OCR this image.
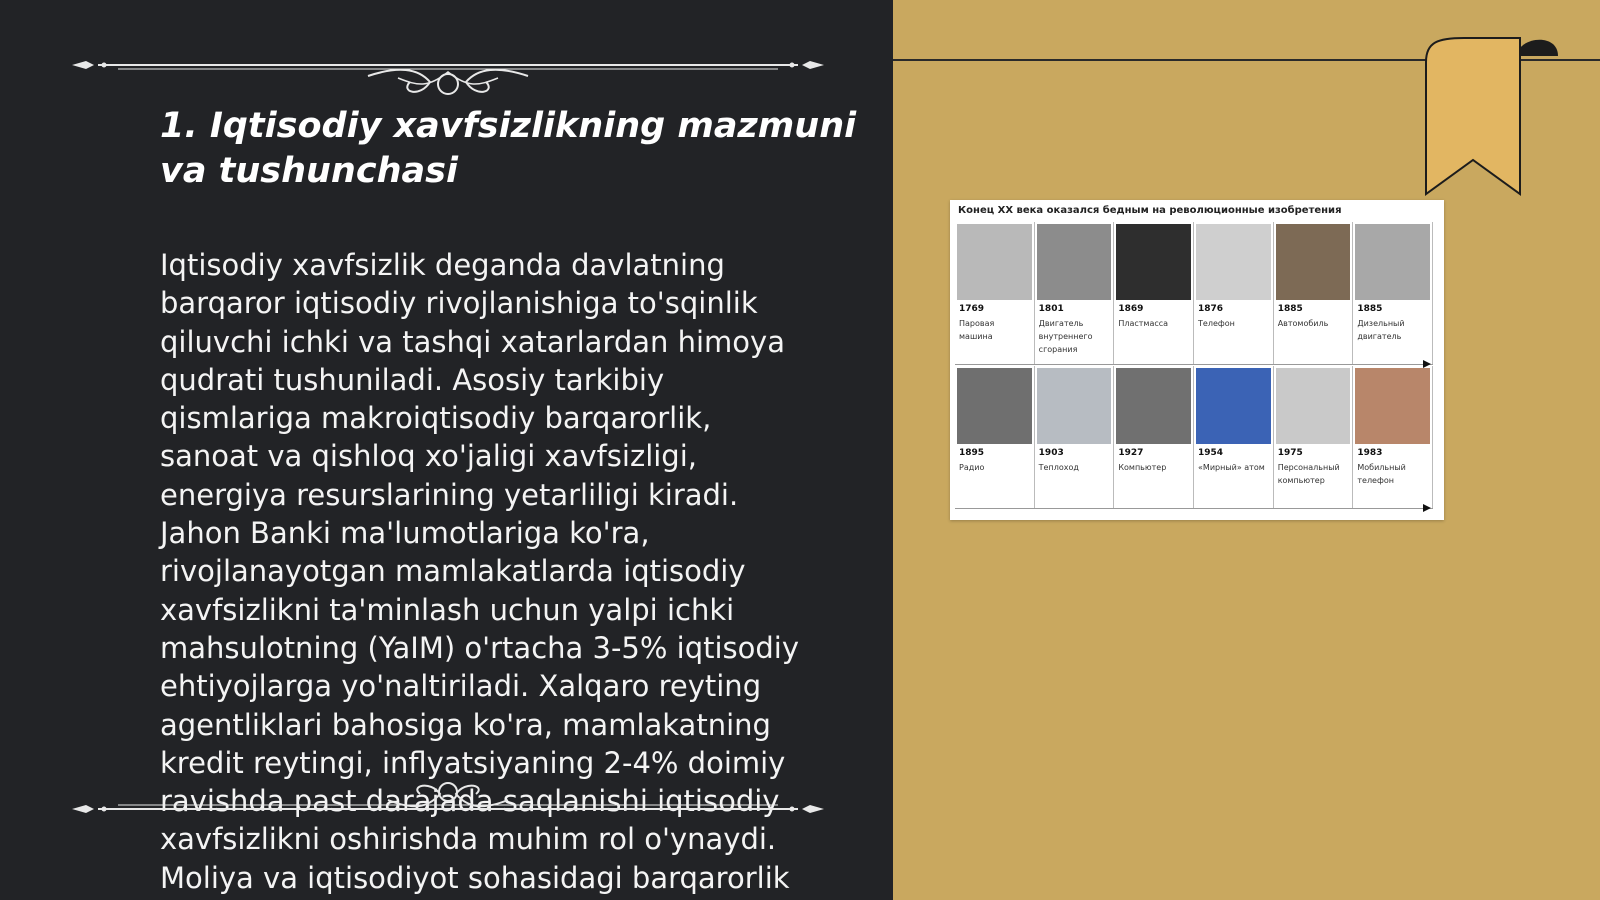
1. Iqtisodiy xavfsizlikning mazmuni va tushunchasi

Iqtisodiy xavfsizlik deganda davlatning
barqaror iqtisodiy rivojlanishiga to'sqinlik
qiluvchi ichki va tashqi xatarlardan himoya
qudrati tushuniladi. Asosiy tarkibiy
qismlariga makroiqtisodiy barqarorlik,
sanoat va qishloq xo'jaligi xavfsizligi,
energiya resurslarining yetarliligi kiradi.
Jahon Banki ma'lumotlariga ko'ra,
rivojlanayotgan mamlakatlarda iqtisodiy
xavfsizlikni ta'minlash uchun yalpi ichki
mahsulotning (YaIM) o'rtacha 3-5% iqtisodiy
ehtiyojlarga yo'naltiriladi. Xalqaro reyting
agentliklari bahosiga ko'ra, mamlakatning
kredit reytingi, inflyatsiyaning 2-4% doimiy
ravishda past darajada saqlanishi iqtisodiy
xavfsizlikni oshirishda muhim rol o'ynaydi.
Moliya va iqtisodiyot sohasidagi barqarorlik

Конец XX века оказался бедным на революционные изобретения
1769
Паровая
машина
1801
Двигатель
внутреннего
сгорания
1869
Пластмасса
1876
Телефон
1885
Автомобиль
1885
Дизельный
двигатель
1895
Радио
1903
Теплоход
1927
Компьютер
1954
«Мирный» атом
1975
Персональный
компьютер
1983
Мобильный
телефон
